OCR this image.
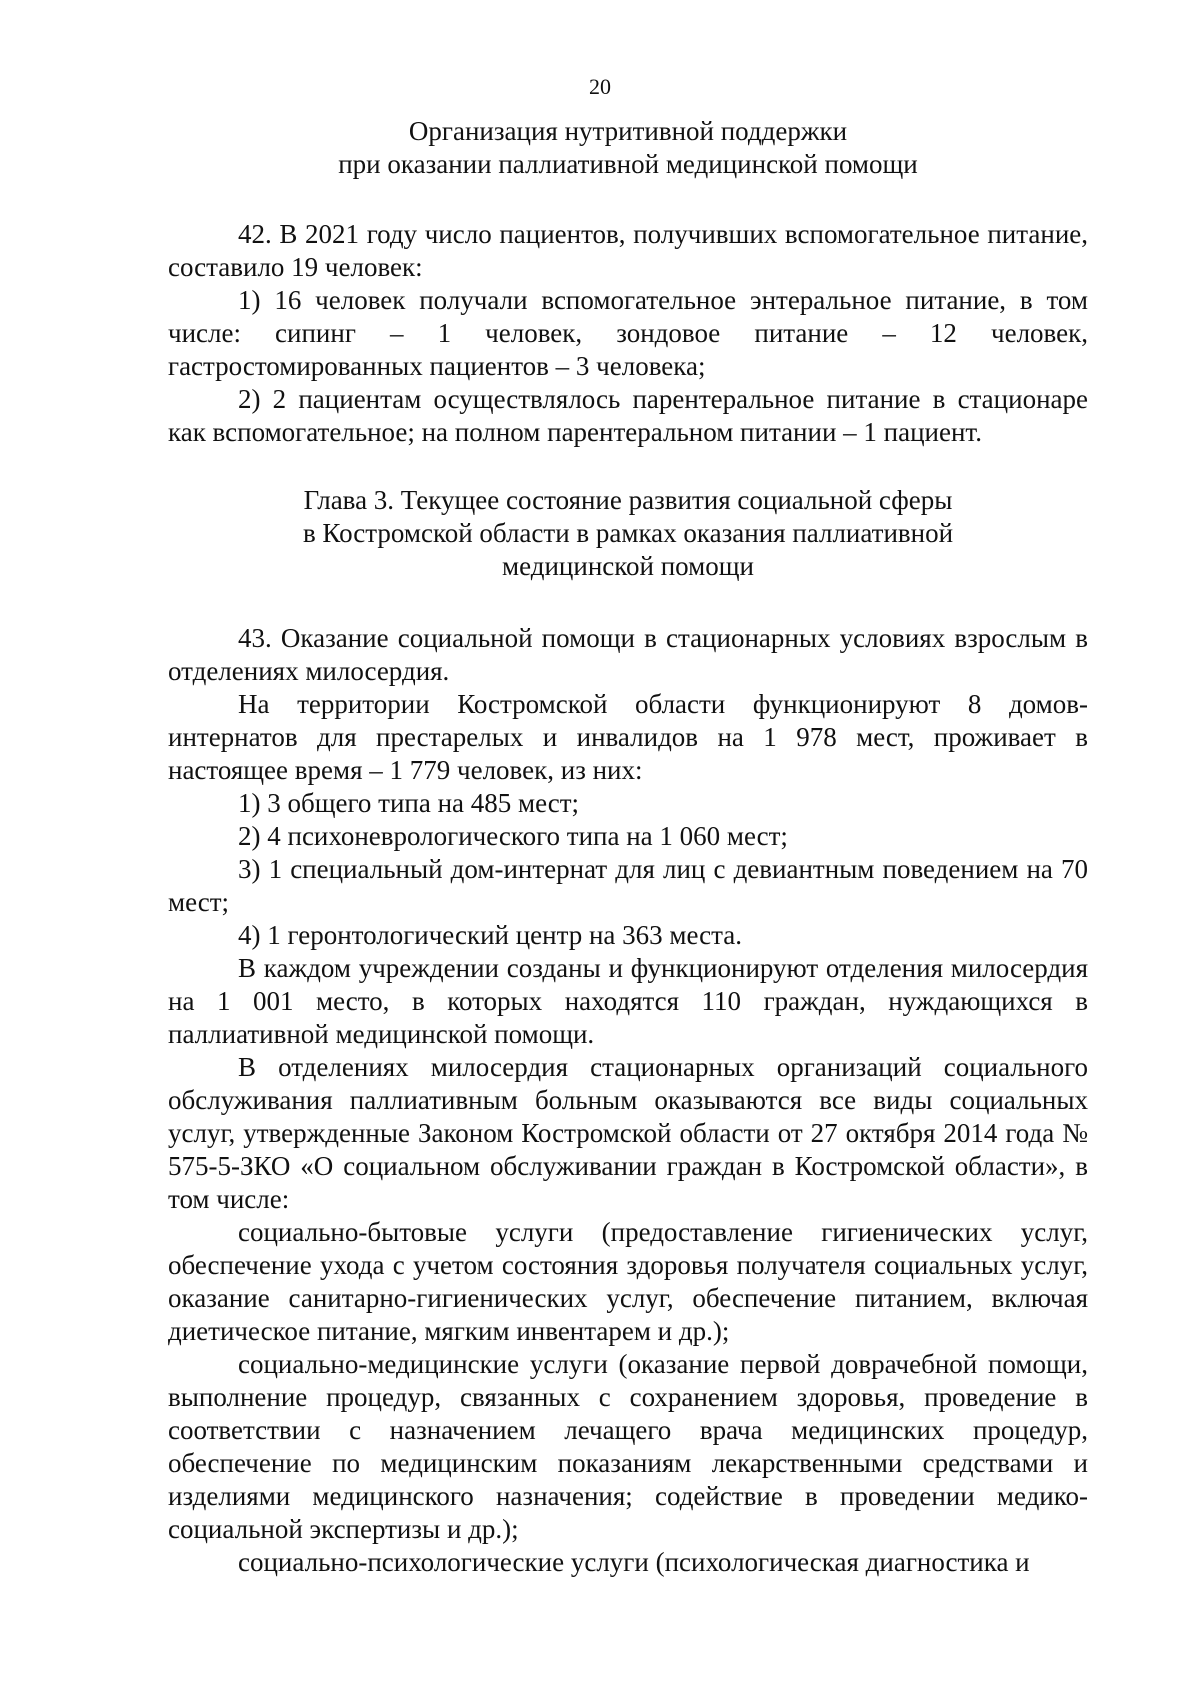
20
Организация нутритивной поддержки
при оказании паллиативной медицинской помощи

42. В 2021 году число пациентов, получивших вспомогательное питание, составило 19 человек:

1) 16 человек получали вспомогательное энтеральное питание, в том числе: сипинг – 1 человек, зондовое питание – 12 человек, гастростомированных пациентов – 3 человека;

2) 2 пациентам осуществлялось парентеральное питание в стационаре как вспомогательное; на полном парентеральном питании – 1 пациент.

Глава 3. Текущее состояние развития социальной сферы
в Костромской области в рамках оказания паллиативной
медицинской помощи

43. Оказание социальной помощи в стационарных условиях взрослым в отделениях милосердия.

На территории Костромской области функционируют 8 домов-интернатов для престарелых и инвалидов на 1 978 мест, проживает в настоящее время – 1 779 человек, из них:

1) 3 общего типа на 485 мест;

2) 4 психоневрологического типа на 1 060 мест;

3) 1 специальный дом-интернат для лиц с девиантным поведением на 70 мест;

4) 1 геронтологический центр на 363 места.

В каждом учреждении созданы и функционируют отделения милосердия на 1 001 место, в которых находятся 110 граждан, нуждающихся в паллиативной медицинской помощи.

В отделениях милосердия стационарных организаций социального обслуживания паллиативным больным оказываются все виды социальных услуг, утвержденные Законом Костромской области от 27 октября 2014 года № 575-5-ЗКО «О социальном обслуживании граждан в Костромской области», в том числе:

социально-бытовые услуги (предоставление гигиенических услуг, обеспечение ухода с учетом состояния здоровья получателя социальных услуг, оказание санитарно-гигиенических услуг, обеспечение питанием, включая диетическое питание, мягким инвентарем и др.);

социально-медицинские услуги (оказание первой доврачебной помощи, выполнение процедур, связанных с сохранением здоровья, проведение в соответствии с назначением лечащего врача медицинских процедур, обеспечение по медицинским показаниям лекарственными средствами и изделиями медицинского назначения; содействие в проведении медико-социальной экспертизы и др.);

социально-психологические услуги (психологическая диагностика и
